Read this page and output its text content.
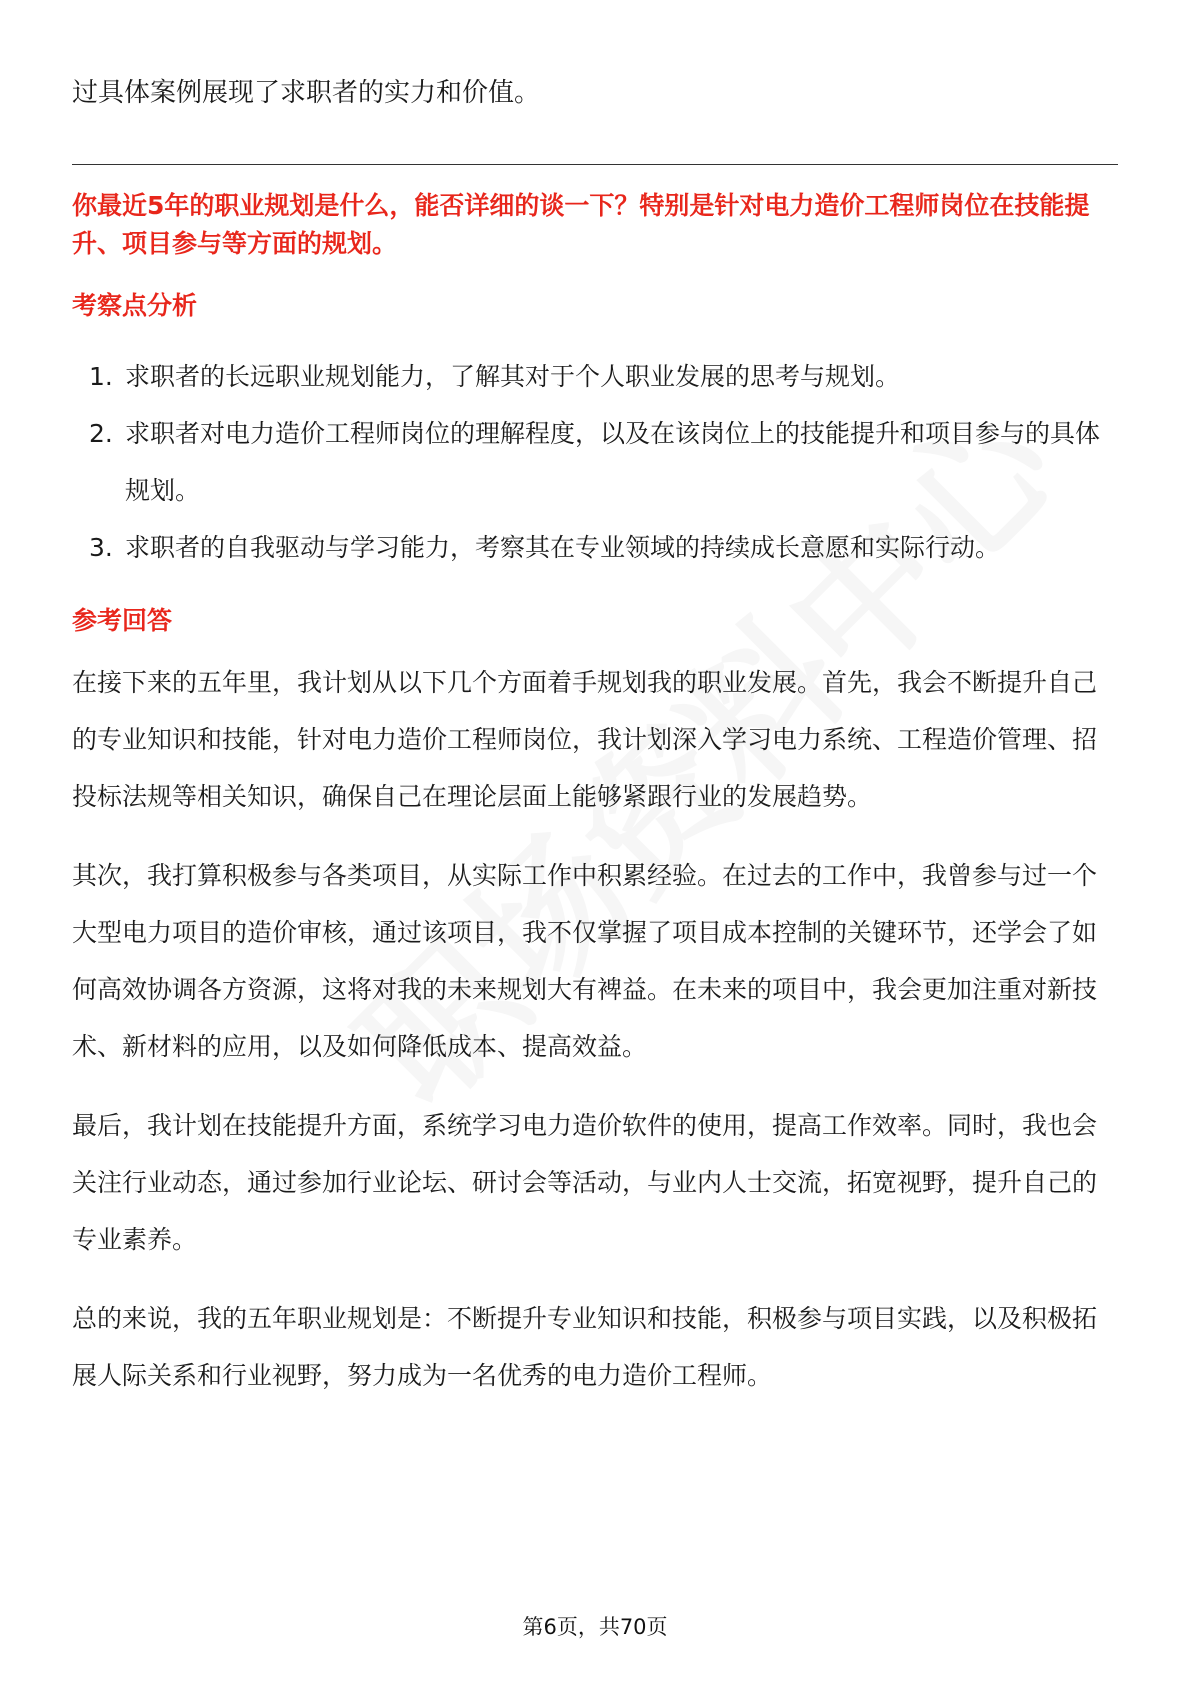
过具体案例展现了求职者的实力和价值。

你最近5年的职业规划是什么，能否详细的谈一下？特别是针对电力造价工程师岗位在技能提升、项目参与等方面的规划。

考察点分析

1. 求职者的长远职业规划能力，了解其对于个人职业发展的思考与规划。
2. 求职者对电力造价工程师岗位的理解程度，以及在该岗位上的技能提升和项目参与的具体规划。
3. 求职者的自我驱动与学习能力，考察其在专业领域的持续成长意愿和实际行动。

参考回答

在接下来的五年里，我计划从以下几个方面着手规划我的职业发展。首先，我会不断提升自己的专业知识和技能，针对电力造价工程师岗位，我计划深入学习电力系统、工程造价管理、招投标法规等相关知识，确保自己在理论层面上能够紧跟行业的发展趋势。

其次，我打算积极参与各类项目，从实际工作中积累经验。在过去的工作中，我曾参与过一个大型电力项目的造价审核，通过该项目，我不仅掌握了项目成本控制的关键环节，还学会了如何高效协调各方资源，这将对我的未来规划大有裨益。在未来的项目中，我会更加注重对新技术、新材料的应用，以及如何降低成本、提高效益。

最后，我计划在技能提升方面，系统学习电力造价软件的使用，提高工作效率。同时，我也会关注行业动态，通过参加行业论坛、研讨会等活动，与业内人士交流，拓宽视野，提升自己的专业素养。

总的来说，我的五年职业规划是：不断提升专业知识和技能，积极参与项目实践，以及积极拓展人际关系和行业视野，努力成为一名优秀的电力造价工程师。

第6页，共70页
